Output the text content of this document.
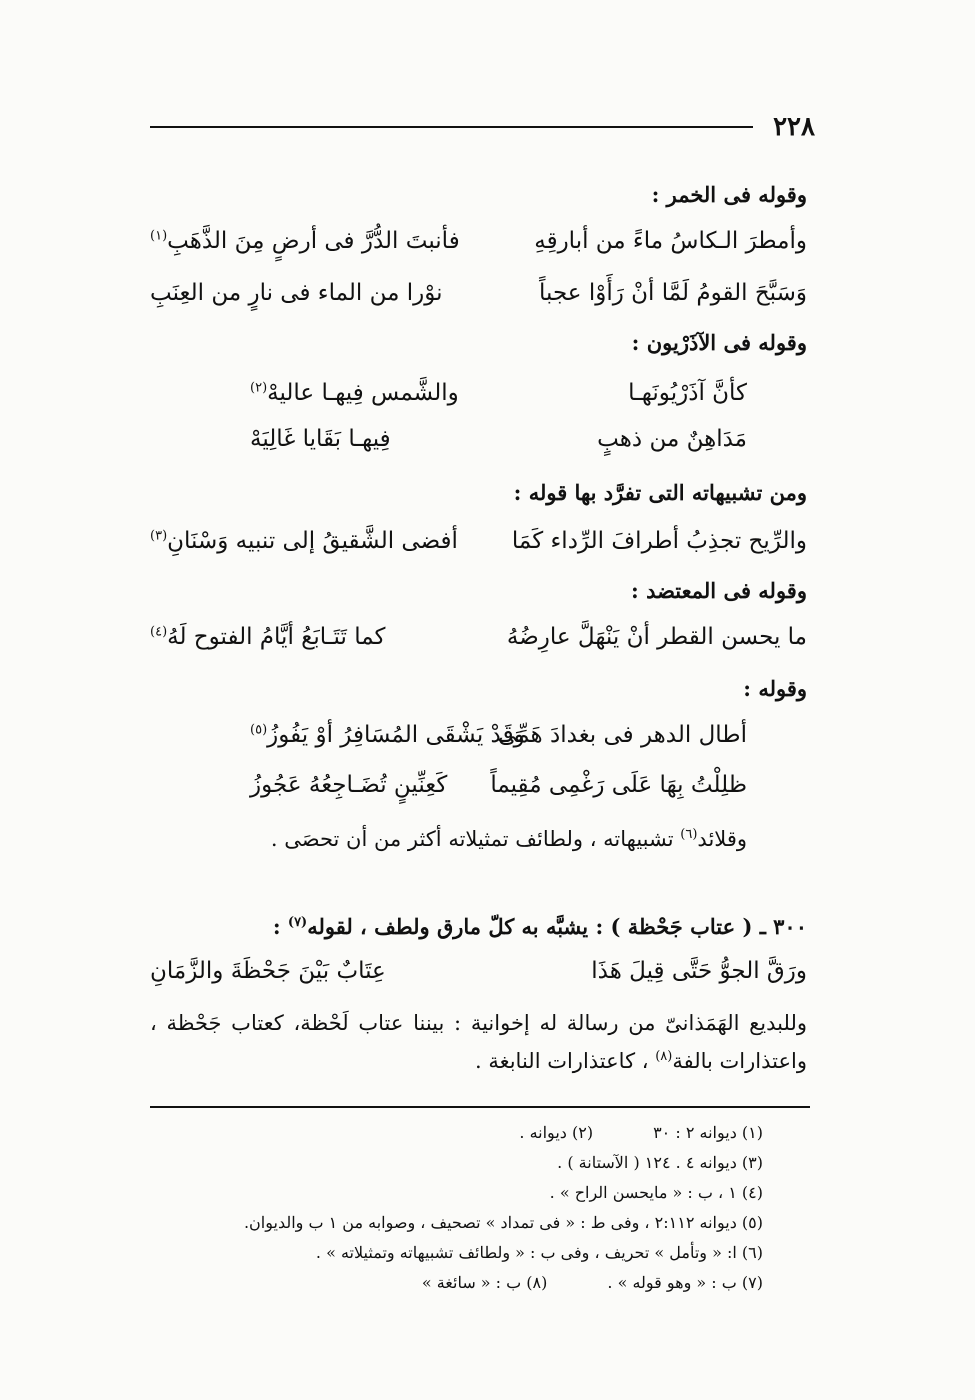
٢٢٨
وقوله فى الخمر :
وأمطرَ الـكاسُ ماءً من أبارقِهِ
فأنبتَ الدُّرَّ فى أرضٍ مِنَ الذَّهَبِ$^{(١)}$
وَسَبَّحَ القومُ لَمَّا أنْ رَأَوْا عجباً
نوْرا من الماء فى نارٍ من العِنَبِ
وقوله فى الآذَرْيون :
كأنَّ آذَرْيُونَهـا
والشَّمس فِيهـا عاليهْ$^{(٢)}$
مَدَاهِنٌ من ذهبٍ
فِيهـا بَقَايا غَالِيَهْ
ومن تشبيهاته التى تفرَّد بها قوله :
والرِّيح تجذِبُ أطرافَ الرِّداء كَمَا
أفضى الشَّقيقُ إلى تنبيه وَسْنَانِ$^{(٣)}$
وقوله فى المعتضد :
ما يحسن القطر أنْ يَنْهَلَّ عارِضُهُ
كما تَتَـابَعُ أيَّامُ الفتوح لَهُ$^{(٤)}$
وقوله :
أطال الدهر فى بغدادَ هَمِّى
وَقَدْ يَشْقَى المُسَافِرُ أوْ يَفُوزُ$^{(٥)}$
ظلِلْتُ بِهَا عَلَى رَغْمِى مُقِيماً
كَعِنِّينٍ تُضَـاجِعُهُ عَجُوزُ
وقلائد$^{(٦)}$ تشبيهاته ، ولطائف تمثيلاته أكثر من أن تحصَى .
٣٠٠ ـ ( عتاب جَحْظة ) : يشبَّه به كلّ مارق ولطف ، لقوله$^{(٧)}$ :
ورَقَّ الجوُّ حَتَّى قِيلَ هَذَا
عِتَابٌ بَيْنَ جَحْظَةَ والزَّمَانِ
وللبديع الهَمَذانىّ من رسالة له إخوانية : بيننا عتاب لَحْظة، كعتاب جَحْظة ، واعتذارات بالفة$^{(٨)}$ ، كاعتذارات النابغة .
(١) ديوانه ٢ : ٣٠(٢) ديوانه .
(٣) ديوانه ٤ . ١٢٤ ( الآستانة ) .
(٤) ١ ، ب : « مايحسن الراح » .
(٥) ديوانه ٢:١١٢ ، وفى ط : « فى تمداد » تصحيف ، وصوابه من ١ ب والديوان.
(٦) ا: « وتأمل » تحريف ، وفى ب : « ولطائف تشبيهاته وتمثيلاته » .
(٧) ب : « وهو قوله » .(٨) ب : « سائغة »
